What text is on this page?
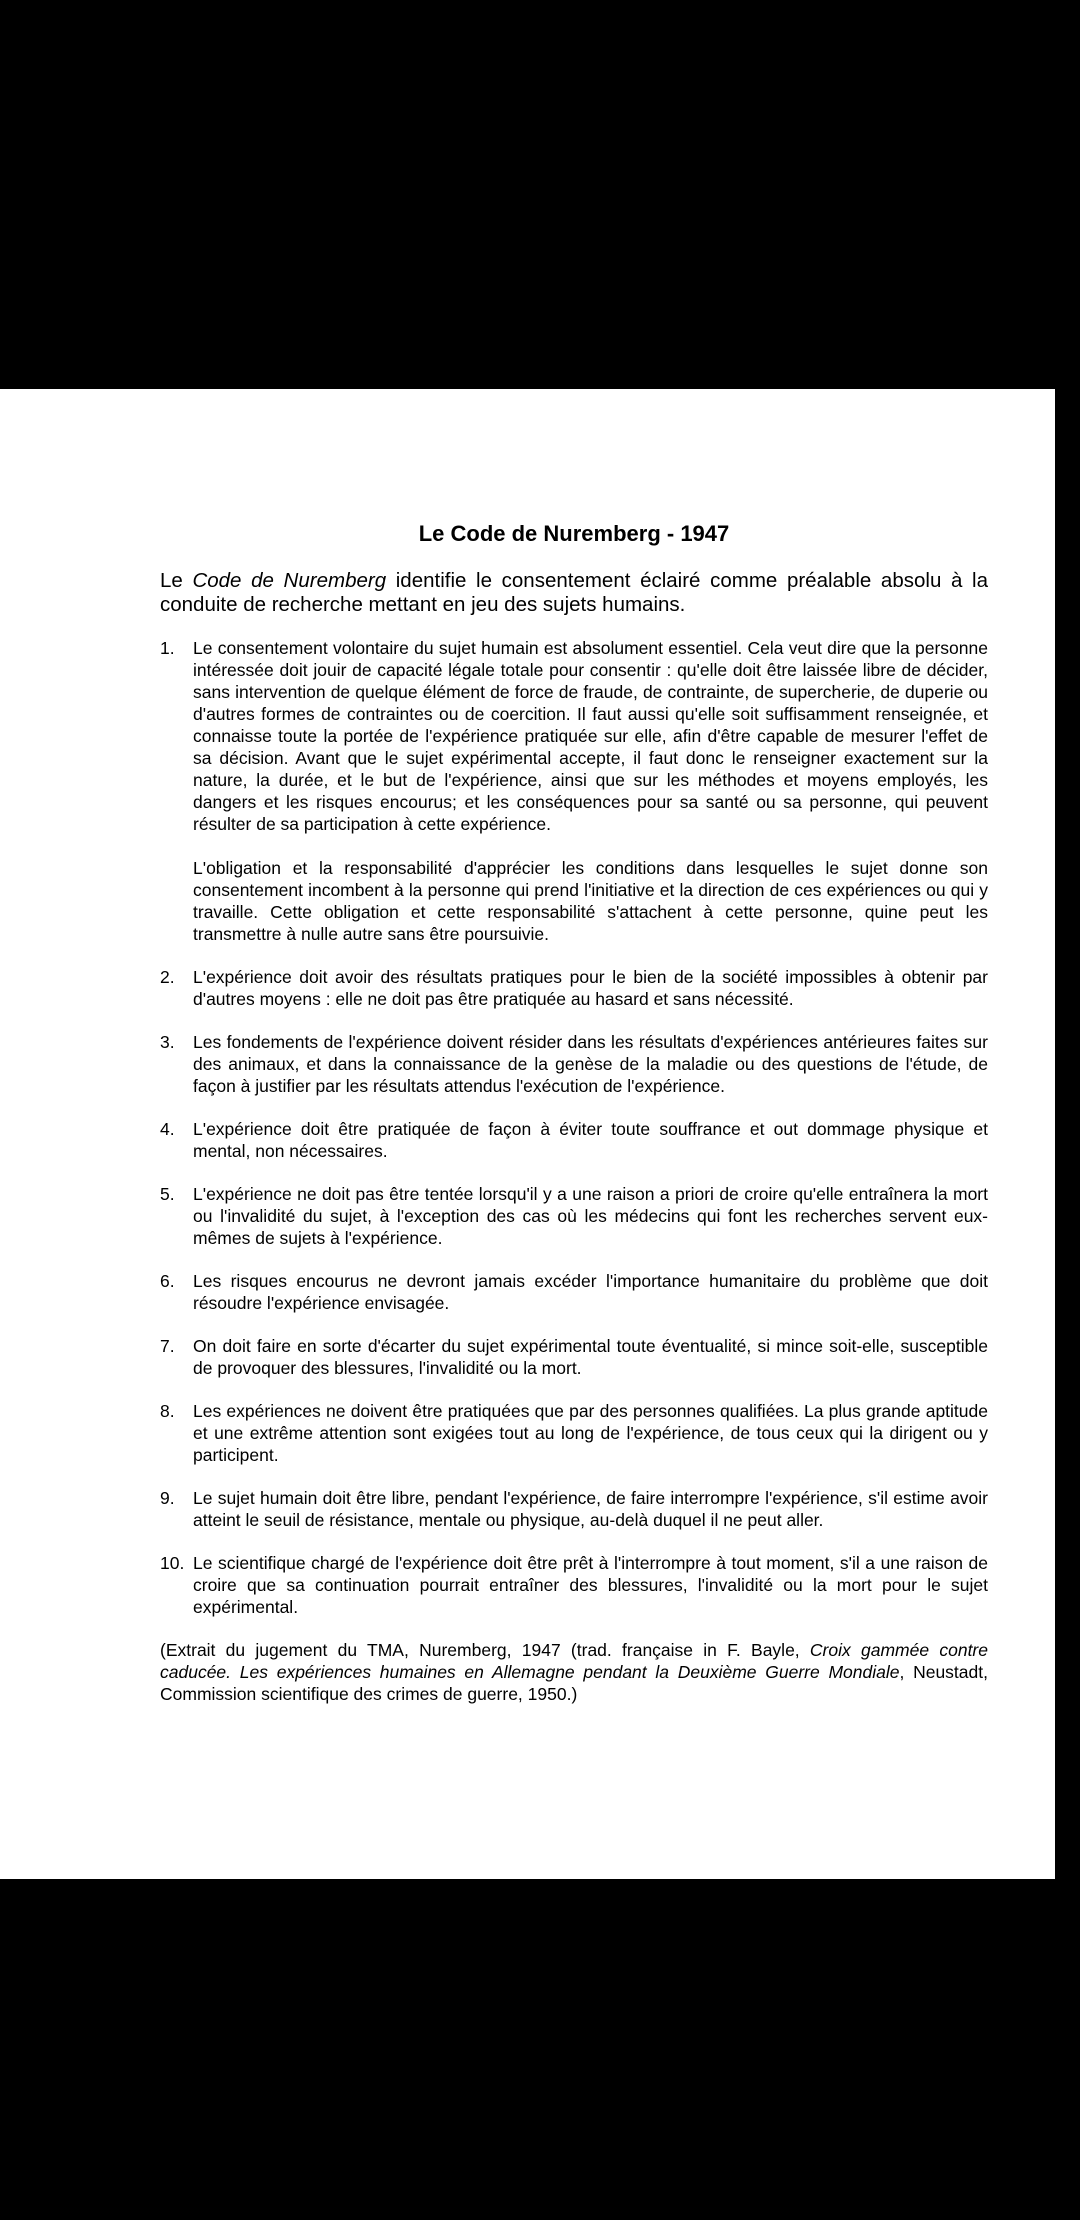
Le Code de Nuremberg - 1947

Le Code de Nuremberg identifie le consentement éclairé comme préalable absolu à la conduite de recherche mettant en jeu des sujets humains.

1. Le consentement volontaire du sujet humain est absolument essentiel. Cela veut dire que la personne intéressée doit jouir de capacité légale totale pour consentir : qu'elle doit être laissée libre de décider, sans intervention de quelque élément de force de fraude, de contrainte, de supercherie, de duperie ou d'autres formes de contraintes ou de coercition. Il faut aussi qu'elle soit suffisamment renseignée, et connaisse toute la portée de l'expérience pratiquée sur elle, afin d'être capable de mesurer l'effet de sa décision. Avant que le sujet expérimental accepte, il faut donc le renseigner exactement sur la nature, la durée, et le but de l'expérience, ainsi que sur les méthodes et moyens employés, les dangers et les risques encourus; et les conséquences pour sa santé ou sa personne, qui peuvent résulter de sa participation à cette expérience.

L'obligation et la responsabilité d'apprécier les conditions dans lesquelles le sujet donne son consentement incombent à la personne qui prend l'initiative et la direction de ces expériences ou qui y travaille. Cette obligation et cette responsabilité s'attachent à cette personne, quine peut les transmettre à nulle autre sans être poursuivie.

2. L'expérience doit avoir des résultats pratiques pour le bien de la société impossibles à obtenir par d'autres moyens : elle ne doit pas être pratiquée au hasard et sans nécessité.

3. Les fondements de l'expérience doivent résider dans les résultats d'expériences antérieures faites sur des animaux, et dans la connaissance de la genèse de la maladie ou des questions de l'étude, de façon à justifier par les résultats attendus l'exécution de l'expérience.

4. L'expérience doit être pratiquée de façon à éviter toute souffrance et out dommage physique et mental, non nécessaires.

5. L'expérience ne doit pas être tentée lorsqu'il y a une raison a priori de croire qu'elle entraînera la mort ou l'invalidité du sujet, à l'exception des cas où les médecins qui font les recherches servent eux-mêmes de sujets à l'expérience.

6. Les risques encourus ne devront jamais excéder l'importance humanitaire du problème que doit résoudre l'expérience envisagée.

7. On doit faire en sorte d'écarter du sujet expérimental toute éventualité, si mince soit-elle, susceptible de provoquer des blessures, l'invalidité ou la mort.

8. Les expériences ne doivent être pratiquées que par des personnes qualifiées. La plus grande aptitude et une extrême attention sont exigées tout au long de l'expérience, de tous ceux qui la dirigent ou y participent.

9. Le sujet humain doit être libre, pendant l'expérience, de faire interrompre l'expérience, s'il estime avoir atteint le seuil de résistance, mentale ou physique, au-delà duquel il ne peut aller.

10. Le scientifique chargé de l'expérience doit être prêt à l'interrompre à tout moment, s'il a une raison de croire que sa continuation pourrait entraîner des blessures, l'invalidité ou la mort pour le sujet expérimental.

(Extrait du jugement du TMA, Nuremberg, 1947 (trad. française in F. Bayle, Croix gammée contre caducée. Les expériences humaines en Allemagne pendant la Deuxième Guerre Mondiale, Neustadt, Commission scientifique des crimes de guerre, 1950.)
